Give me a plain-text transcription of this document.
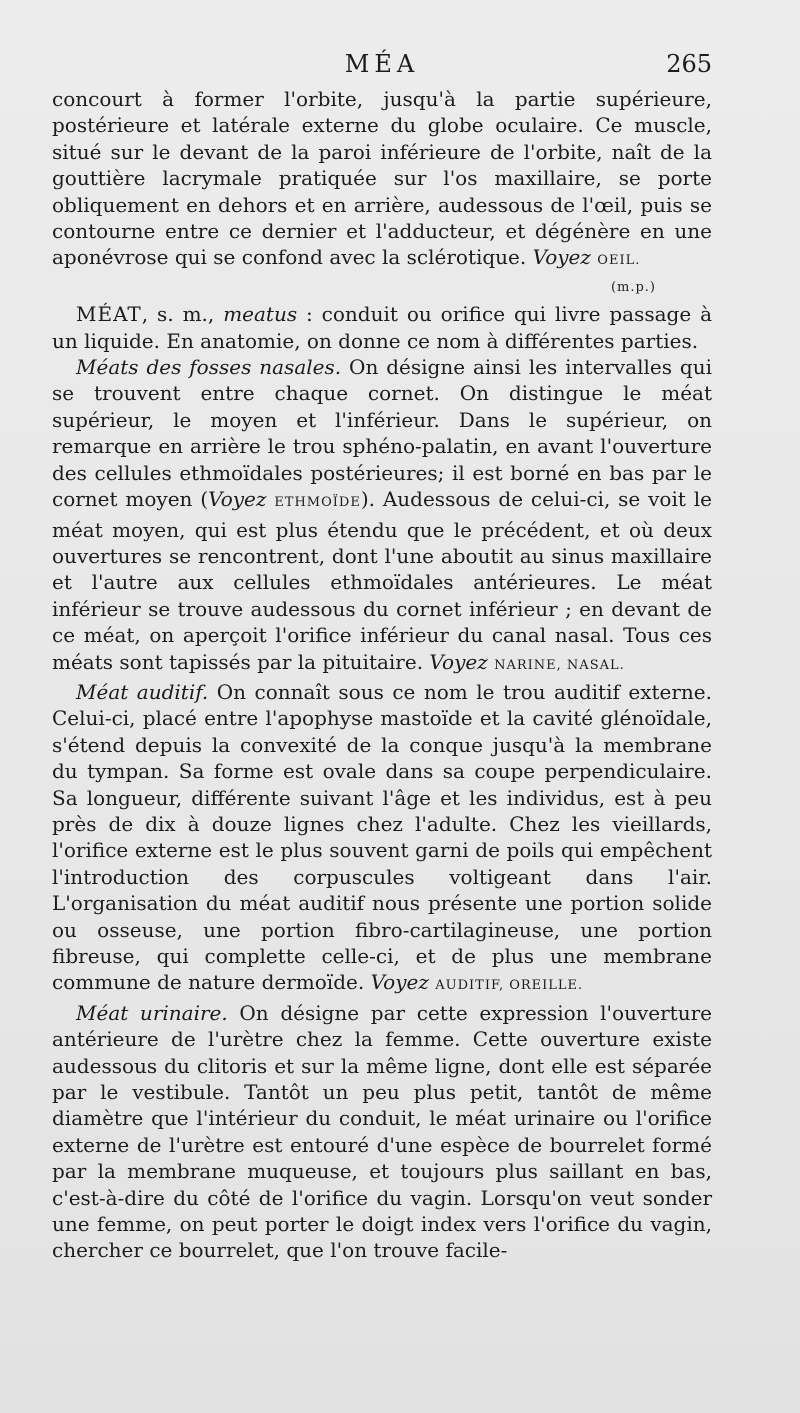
MÉA	265

concourt à former l'orbite, jusqu'à la partie supérieure, postérieure et latérale externe du globe oculaire. Ce muscle, situé sur le devant de la paroi inférieure de l'orbite, naît de la gouttière lacrymale pratiquée sur l'os maxillaire, se porte obliquement en dehors et en arrière, audessous de l'œil, puis se contourne entre ce dernier et l'adducteur, et dégénère en une aponévrose qui se confond avec la sclérotique. Voyez OEIL.

(m.p.)

MÉAT, s. m., meatus : conduit ou orifice qui livre passage à un liquide. En anatomie, on donne ce nom à différentes parties.

Méats des fosses nasales. On désigne ainsi les intervalles qui se trouvent entre chaque cornet. On distingue le méat supérieur, le moyen et l'inférieur. Dans le supérieur, on remarque en arrière le trou sphéno-palatin, en avant l'ouverture des cellules ethmoïdales postérieures; il est borné en bas par le cornet moyen (Voyez ETHMOÏDE). Audessous de celui-ci, se voit le méat moyen, qui est plus étendu que le précédent, et où deux ouvertures se rencontrent, dont l'une aboutit au sinus maxillaire et l'autre aux cellules ethmoïdales antérieures. Le méat inférieur se trouve audessous du cornet inférieur ; en devant de ce méat, on aperçoit l'orifice inférieur du canal nasal. Tous ces méats sont tapissés par la pituitaire. Voyez NARINE, NASAL.

Méat auditif. On connaît sous ce nom le trou auditif externe. Celui-ci, placé entre l'apophyse mastoïde et la cavité glénoïdale, s'étend depuis la convexité de la conque jusqu'à la membrane du tympan. Sa forme est ovale dans sa coupe perpendiculaire. Sa longueur, différente suivant l'âge et les individus, est à peu près de dix à douze lignes chez l'adulte. Chez les vieillards, l'orifice externe est le plus souvent garni de poils qui empêchent l'introduction des corpuscules voltigeant dans l'air. L'organisation du méat auditif nous présente une portion solide ou osseuse, une portion fibro-cartilagineuse, une portion fibreuse, qui complette celle-ci, et de plus une membrane commune de nature dermoïde. Voyez AUDITIF, OREILLE.

Méat urinaire. On désigne par cette expression l'ouverture antérieure de l'urètre chez la femme. Cette ouverture existe audessous du clitoris et sur la même ligne, dont elle est séparée par le vestibule. Tantôt un peu plus petit, tantôt de même diamètre que l'intérieur du conduit, le méat urinaire ou l'orifice externe de l'urètre est entouré d'une espèce de bourrelet formé par la membrane muqueuse, et toujours plus saillant en bas, c'est-à-dire du côté de l'orifice du vagin. Lorsqu'on veut sonder une femme, on peut porter le doigt index vers l'orifice du vagin, chercher ce bourrelet, que l'on trouve facile-
